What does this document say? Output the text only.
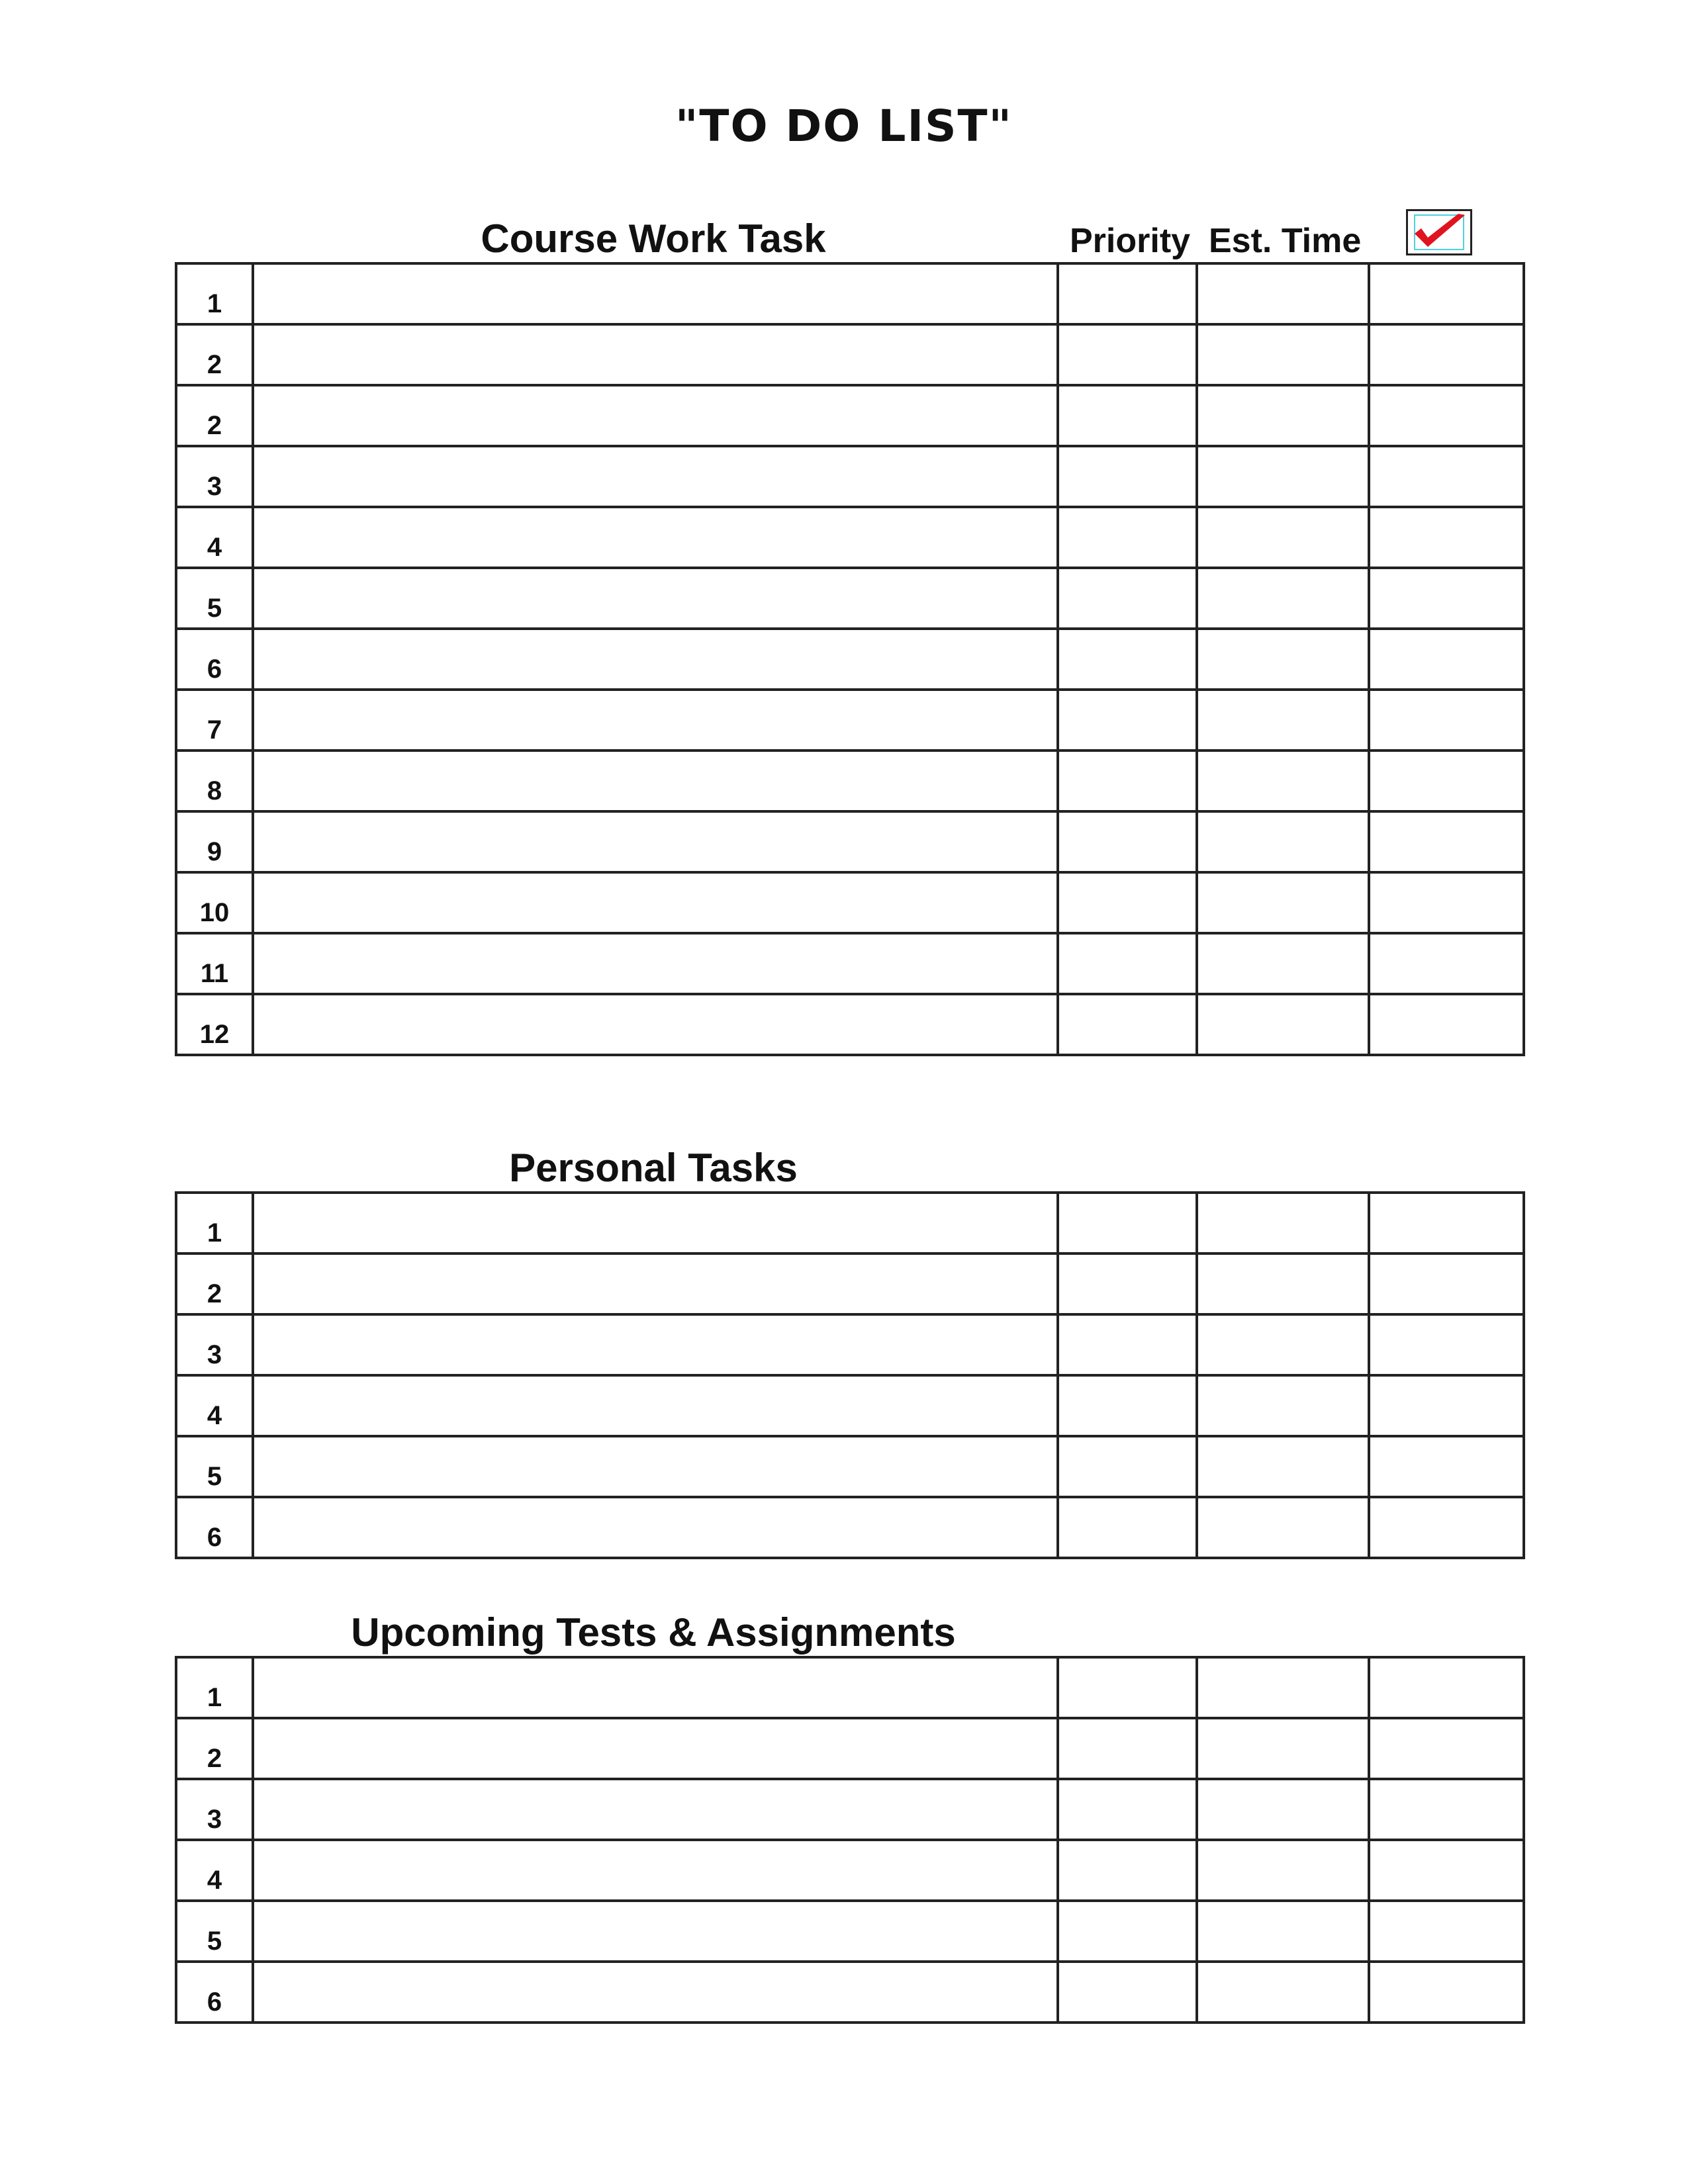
"TO DO LIST"
Course Work Task	Priority Est. Time
1				
2				
2				
3				
4				
5				
6				
7				
8				
9				
10				
11				
12				
Personal Tasks
1				
2				
3				
4				
5				
6				
Upcoming Tests & Assignments
1				
2				
3				
4				
5				
6				
